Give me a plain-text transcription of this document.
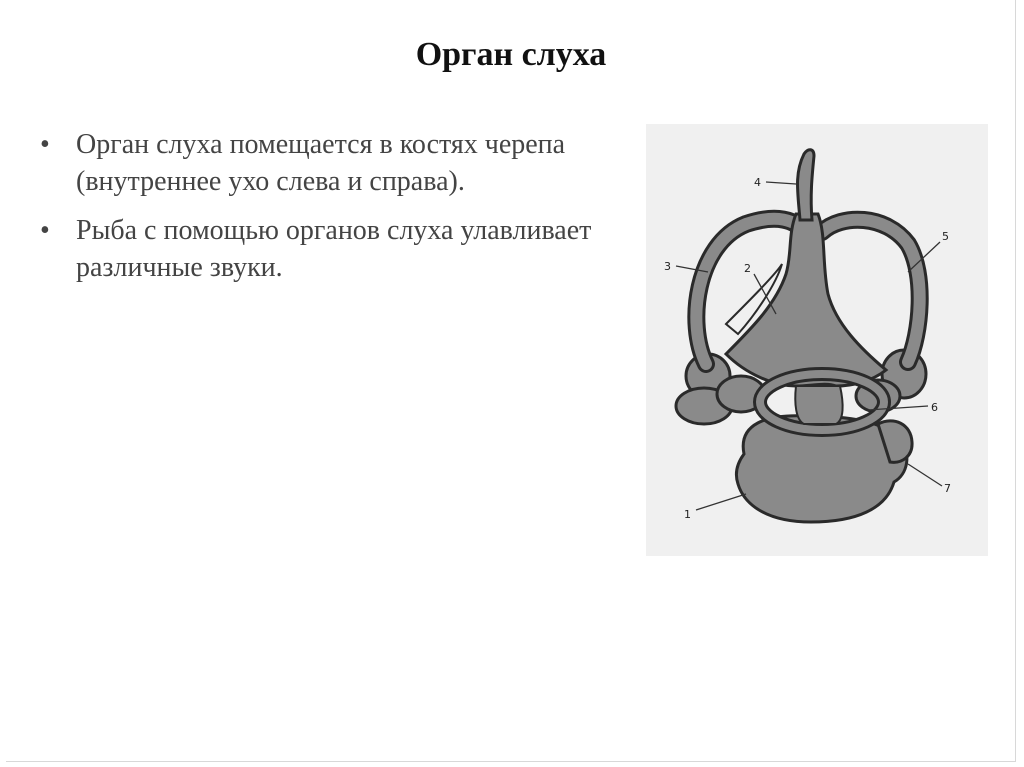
Орган слуха
• Орган слуха помещается в костях черепа (внутреннее ухо слева и справа).
• Рыба с помощью органов слуха улавливает различные звуки.
1
2
3
4
5
6
7
